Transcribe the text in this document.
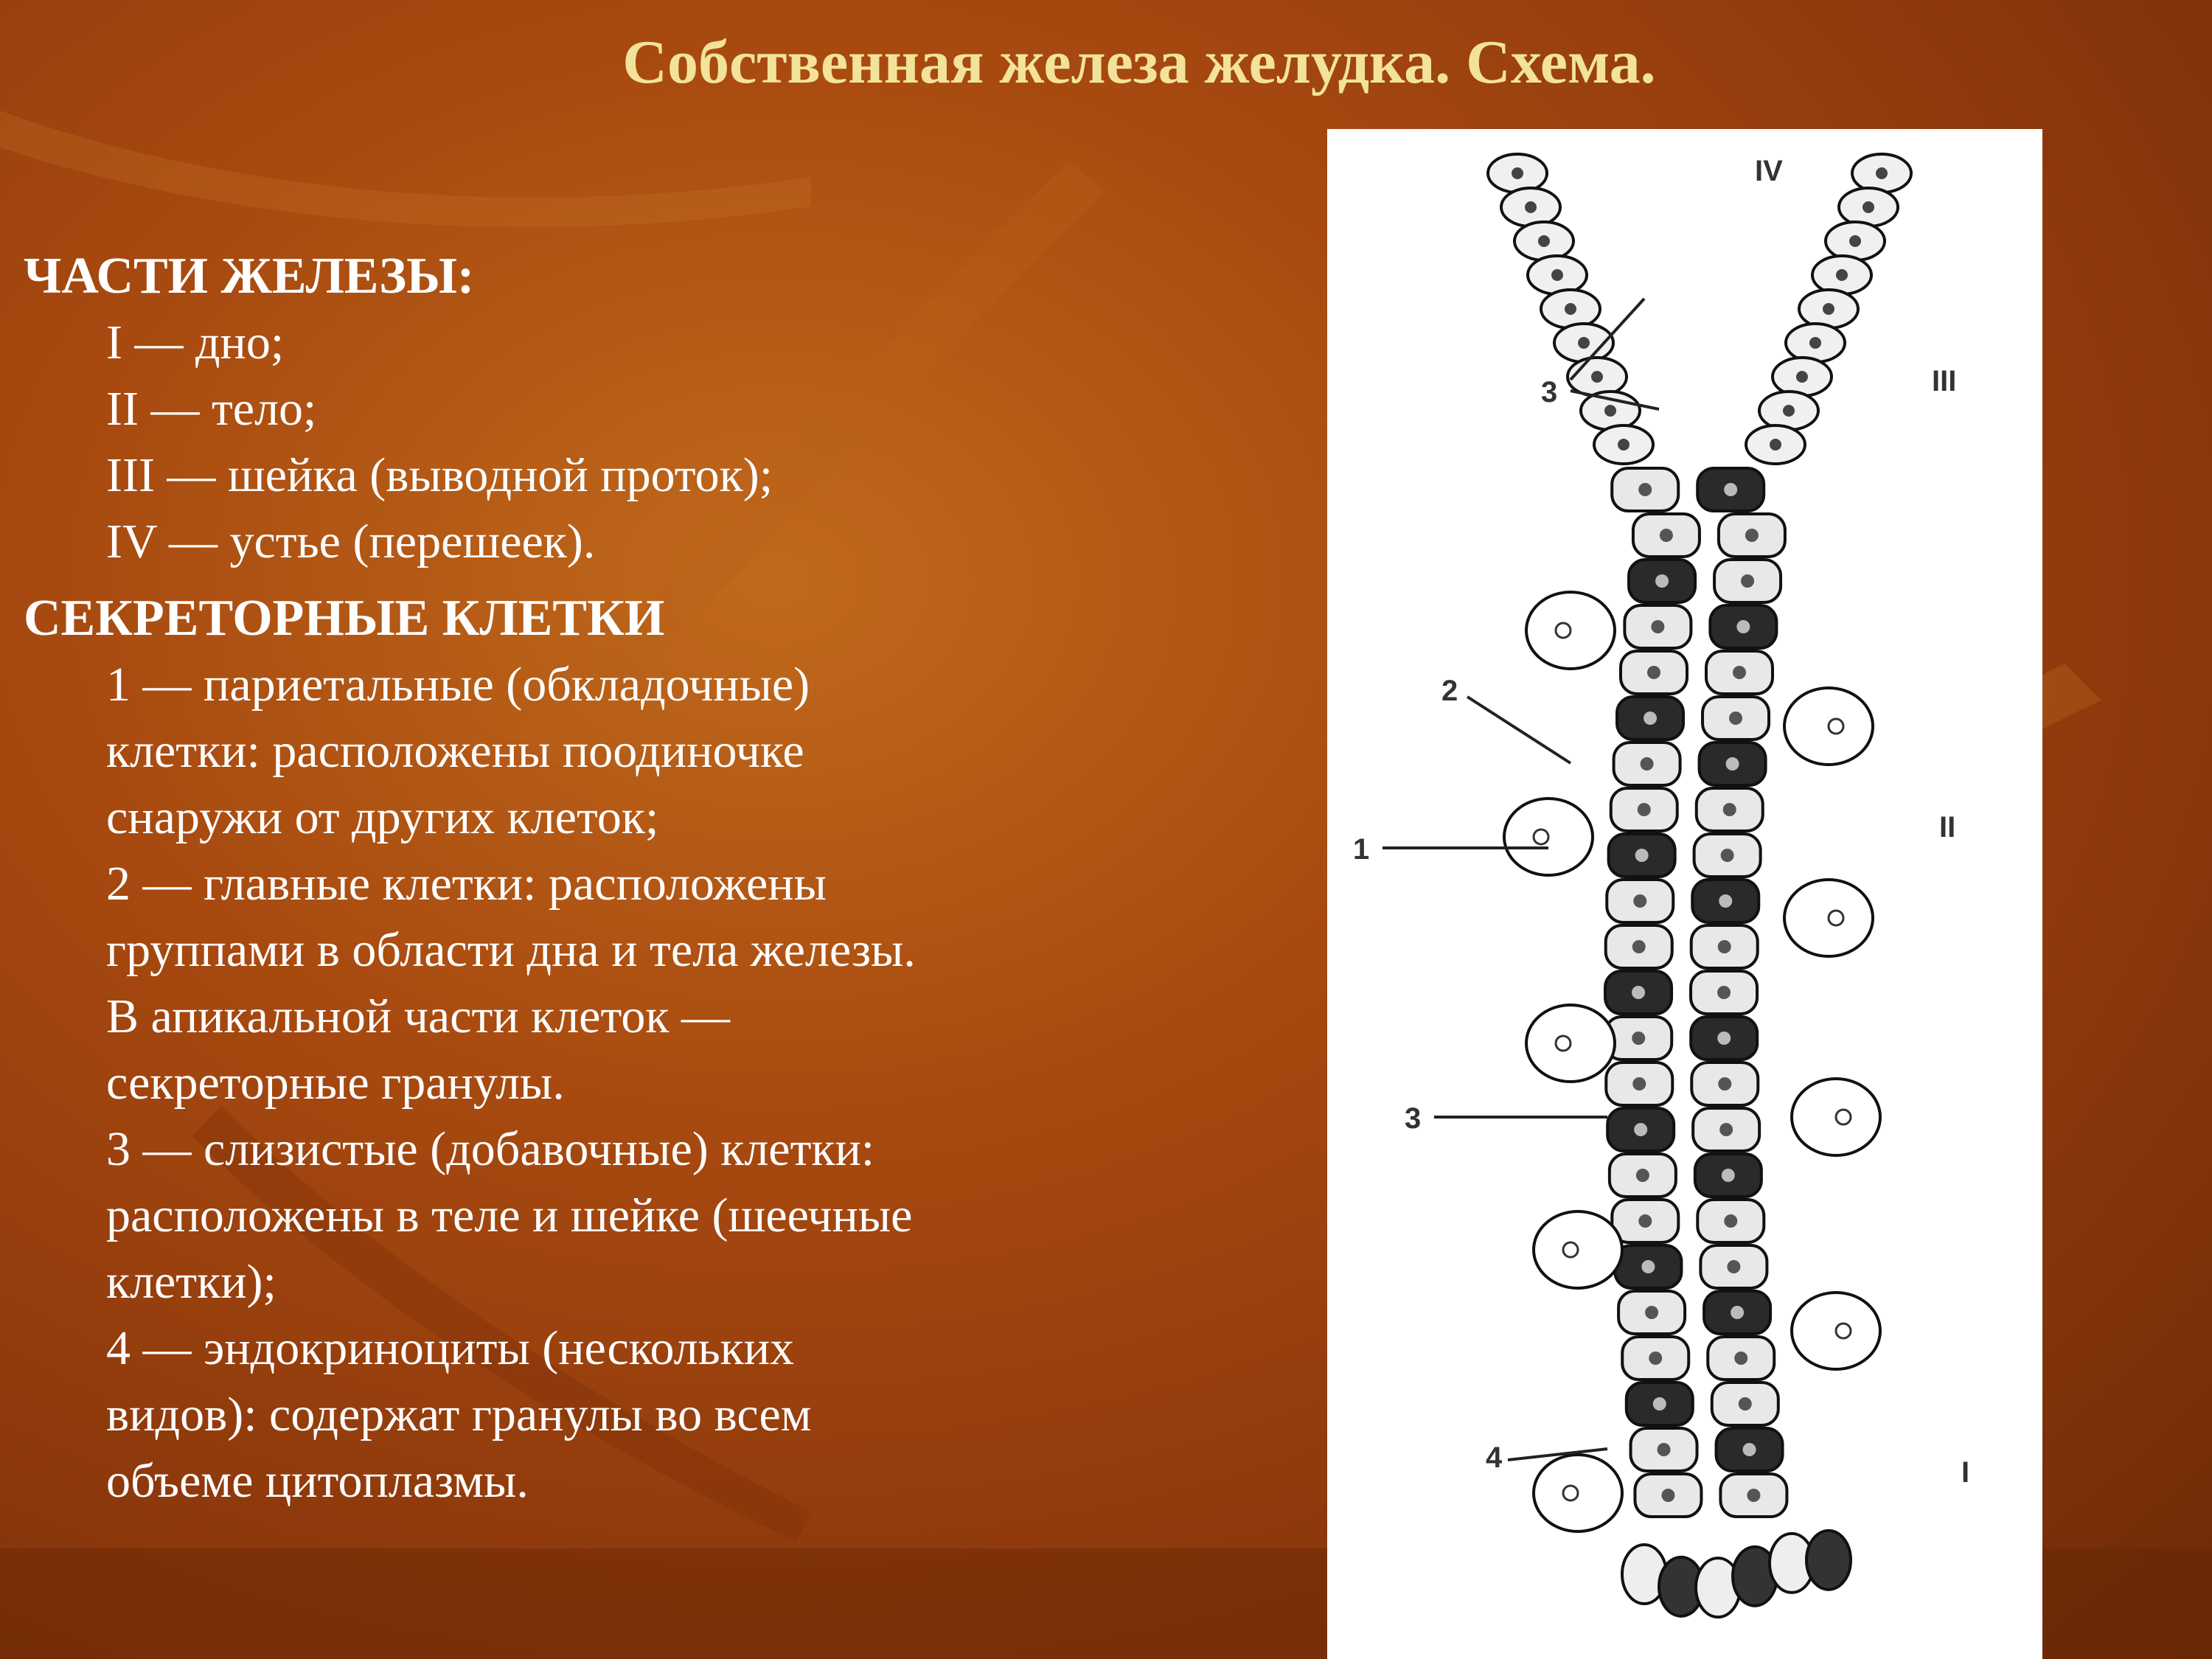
Собственная железа желудка. Схема.
ЧАСТИ ЖЕЛЕЗЫ:
I — дно;
II — тело;
III — шейка (выводной проток);
IV — устье (перешеек).
СЕКРЕТОРНЫЕ КЛЕТКИ
1 — париетальные (обкладочные)
клетки: расположены поодиночке
снаружи от других клеток;
2 — главные клетки: расположены
группами в области дна и тела железы.
В апикальной части клеток —
секреторные гранулы.
3 — слизистые (добавочные) клетки:
расположены в теле и шейке (шеечные
клетки);
4 — эндокриноциты (нескольких
видов): содержат гранулы во всем
объеме цитоплазмы.
IV
III
II
I
3
2
1
3
4
